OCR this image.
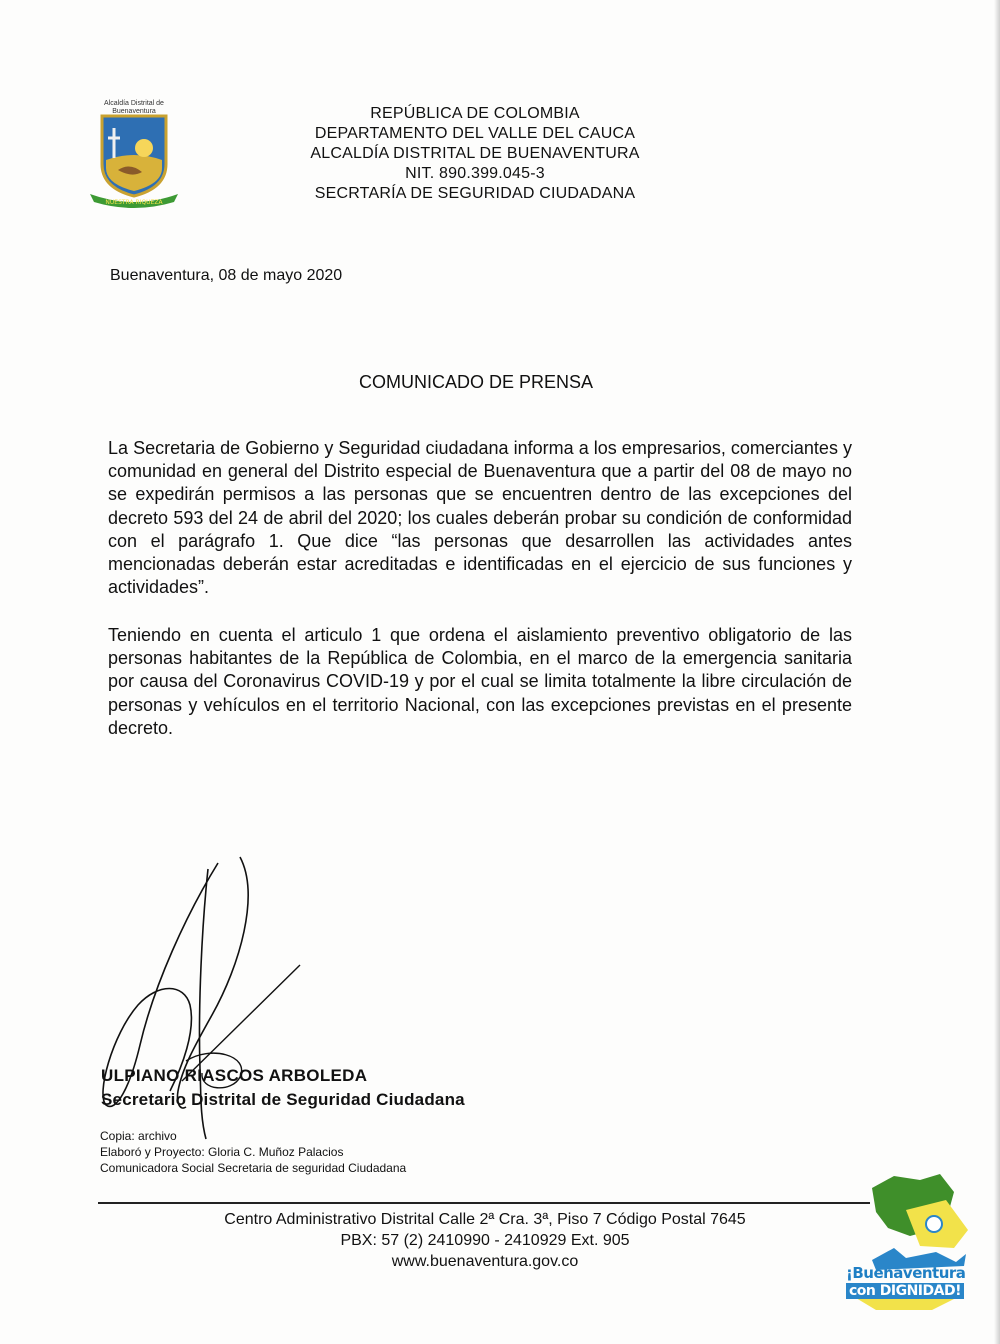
Alcaldía Distrital de Buenaventura
NUESTRA RIQUEZA
REPÚBLICA DE COLOMBIA
DEPARTAMENTO DEL VALLE DEL CAUCA
ALCALDÍA DISTRITAL DE BUENAVENTURA
NIT. 890.399.045-3
SECRTARÍA DE SEGURIDAD CIUDADANA
Buenaventura, 08 de mayo 2020
COMUNICADO DE PRENSA
La Secretaria de Gobierno y Seguridad ciudadana informa a los empresarios, comerciantes y comunidad en general del Distrito especial de Buenaventura que a partir del 08 de mayo no se expedirán permisos a las personas que se encuentren dentro de las excepciones del decreto 593 del 24 de abril del 2020; los cuales deberán probar su condición de conformidad con el parágrafo 1. Que dice “las personas que desarrollen las actividades antes mencionadas deberán estar acreditadas e identificadas en el ejercicio de sus funciones y actividades”.
Teniendo en cuenta el articulo 1 que ordena el aislamiento preventivo obligatorio de las personas habitantes de la República de Colombia, en el marco de la emergencia sanitaria por causa del Coronavirus COVID-19 y por el cual se limita totalmente la libre circulación de personas y vehículos en el territorio Nacional, con las excepciones previstas en el presente decreto.
ULPIANO RIASCOS ARBOLEDA
Secretario Distrital de Seguridad Ciudadana
Copia: archivo
Elaboró y Proyecto: Gloria C. Muñoz Palacios
Comunicadora Social Secretaria de seguridad Ciudadana
Centro Administrativo Distrital Calle 2ª Cra. 3ª, Piso 7 Código Postal 7645
PBX: 57 (2) 2410990 - 2410929 Ext. 905
www.buenaventura.gov.co
¡Buenaventura
con DIGNIDAD!
